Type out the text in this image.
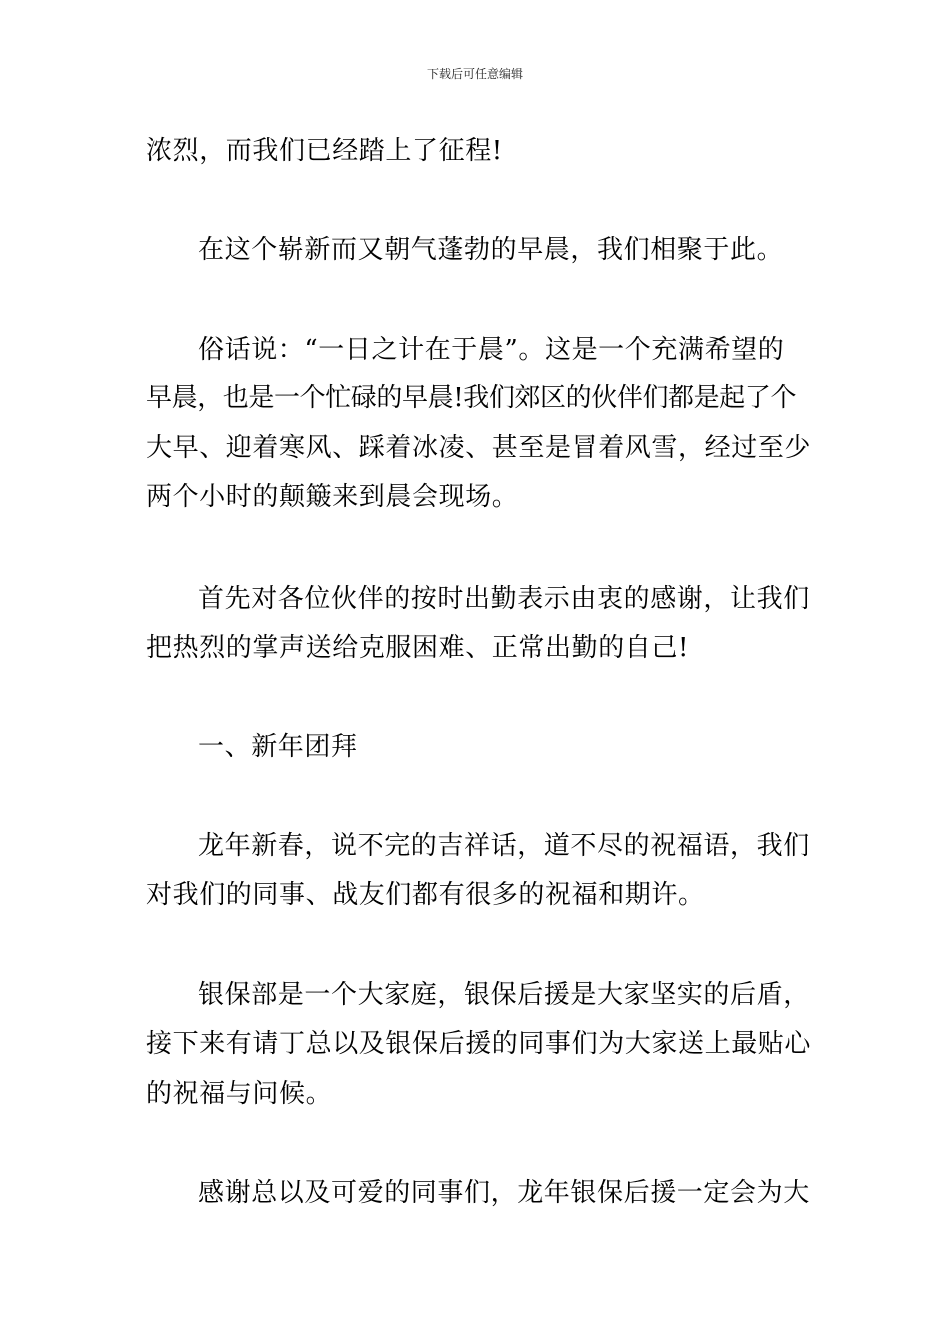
下载后可任意编辑
浓烈，而我们已经踏上了征程!
在这个崭新而又朝气蓬勃的早晨，我们相聚于此。
俗话说：“一日之计在于晨”。这是一个充满希望的
早晨，也是一个忙碌的早晨!我们郊区的伙伴们都是起了个
大早、迎着寒风、踩着冰凌、甚至是冒着风雪，经过至少
两个小时的颠簸来到晨会现场。
首先对各位伙伴的按时出勤表示由衷的感谢，让我们
把热烈的掌声送给克服困难、正常出勤的自己!
一、新年团拜
龙年新春，说不完的吉祥话，道不尽的祝福语，我们
对我们的同事、战友们都有很多的祝福和期许。
银保部是一个大家庭，银保后援是大家坚实的后盾，
接下来有请丁总以及银保后援的同事们为大家送上最贴心
的祝福与问候。
感谢总以及可爱的同事们，龙年银保后援一定会为大
